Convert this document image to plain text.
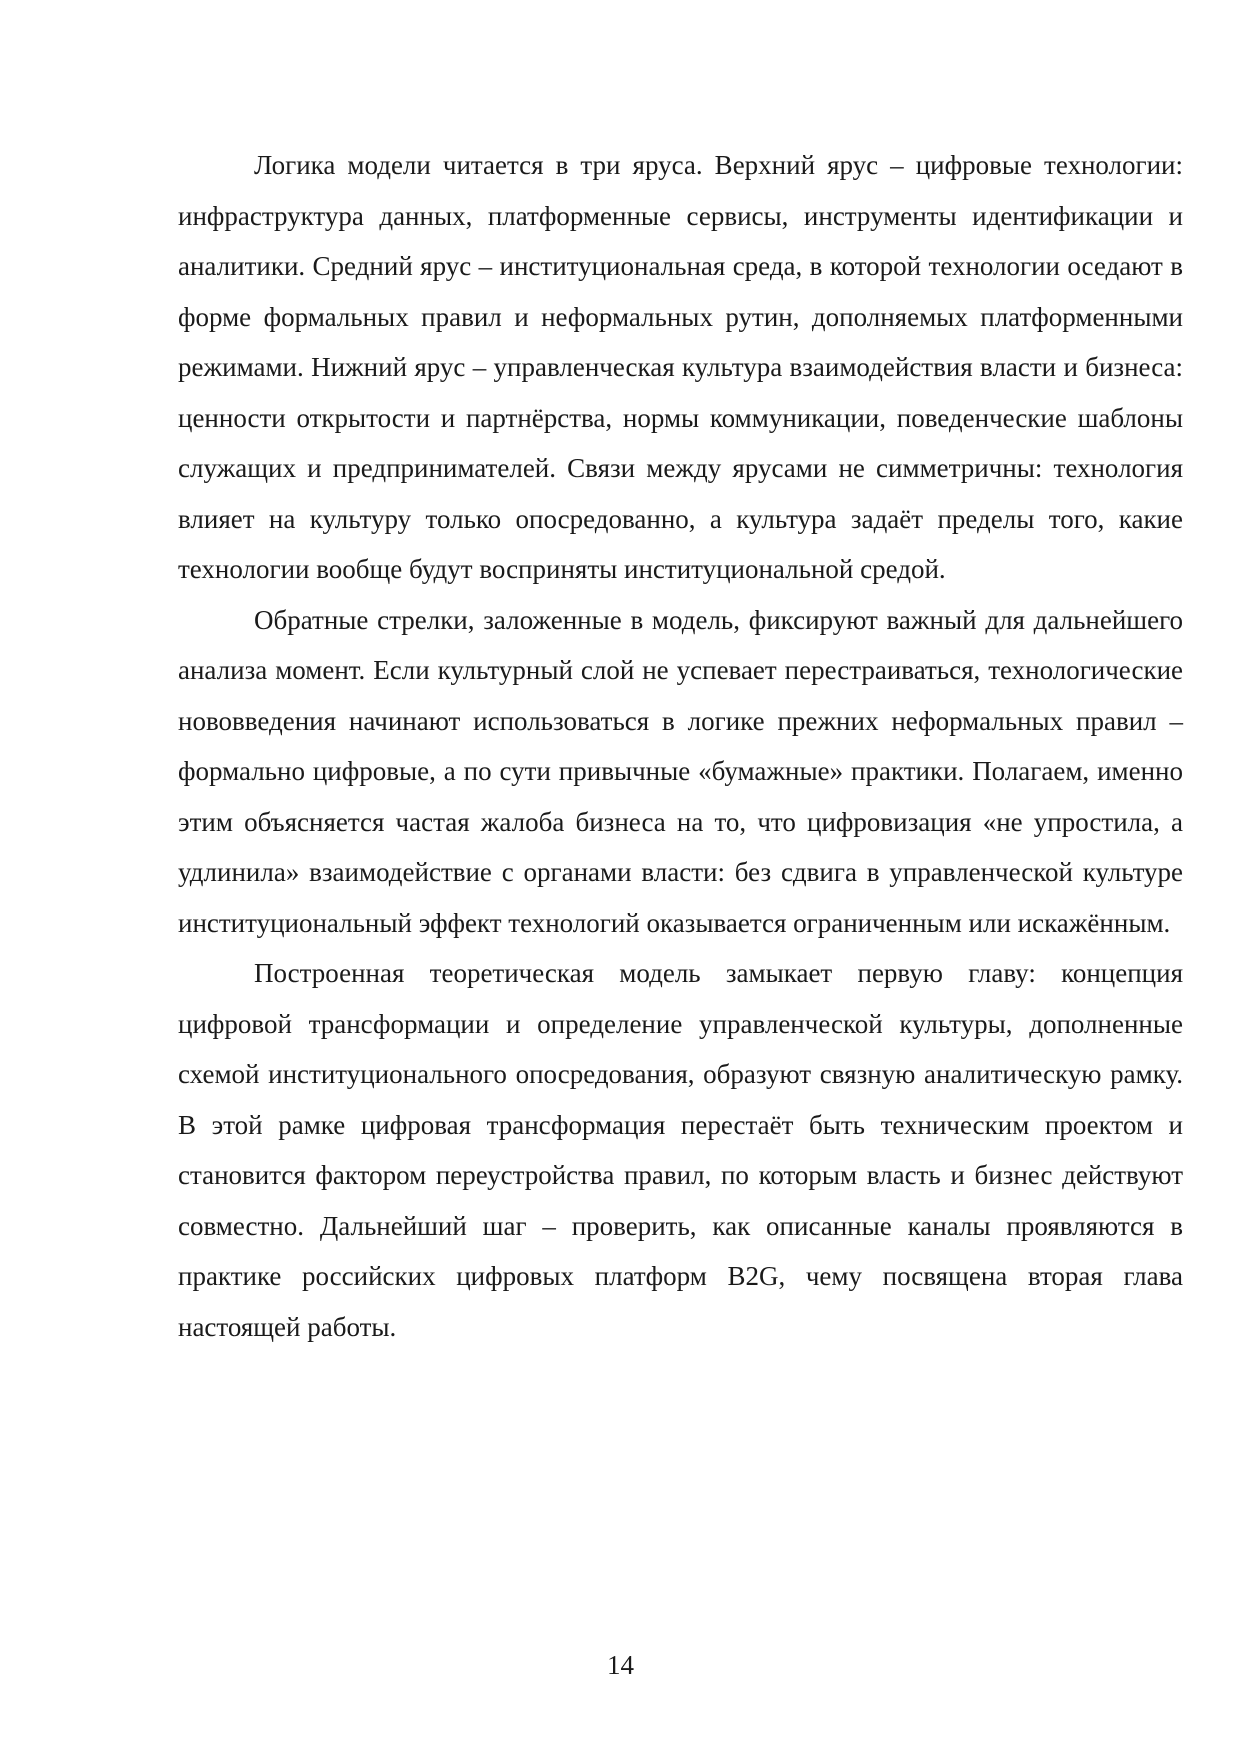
Логика модели читается в три яруса. Верхний ярус – цифровые технологии: инфраструктура данных, платформенные сервисы, инструменты идентификации и аналитики. Средний ярус – институциональная среда, в которой технологии оседают в форме формальных правил и неформальных рутин, дополняемых платформенными режимами. Нижний ярус – управленческая культура взаимодействия власти и бизнеса: ценности открытости и партнёрства, нормы коммуникации, поведенческие шаблоны служащих и предпринимателей. Связи между ярусами не симметричны: технология влияет на культуру только опосредованно, а культура задаёт пределы того, какие технологии вообще будут восприняты институциональной средой.

Обратные стрелки, заложенные в модель, фиксируют важный для дальнейшего анализа момент. Если культурный слой не успевает перестраиваться, технологические нововведения начинают использоваться в логике прежних неформальных правил – формально цифровые, а по сути привычные «бумажные» практики. Полагаем, именно этим объясняется частая жалоба бизнеса на то, что цифровизация «не упростила, а удлинила» взаимодействие с органами власти: без сдвига в управленческой культуре институциональный эффект технологий оказывается ограниченным или искажённым.

Построенная теоретическая модель замыкает первую главу: концепция цифровой трансформации и определение управленческой культуры, дополненные схемой институционального опосредования, образуют связную аналитическую рамку. В этой рамке цифровая трансформация перестаёт быть техническим проектом и становится фактором переустройства правил, по которым власть и бизнес действуют совместно. Дальнейший шаг – проверить, как описанные каналы проявляются в практике российских цифровых платформ B2G, чему посвящена вторая глава настоящей работы.

14
